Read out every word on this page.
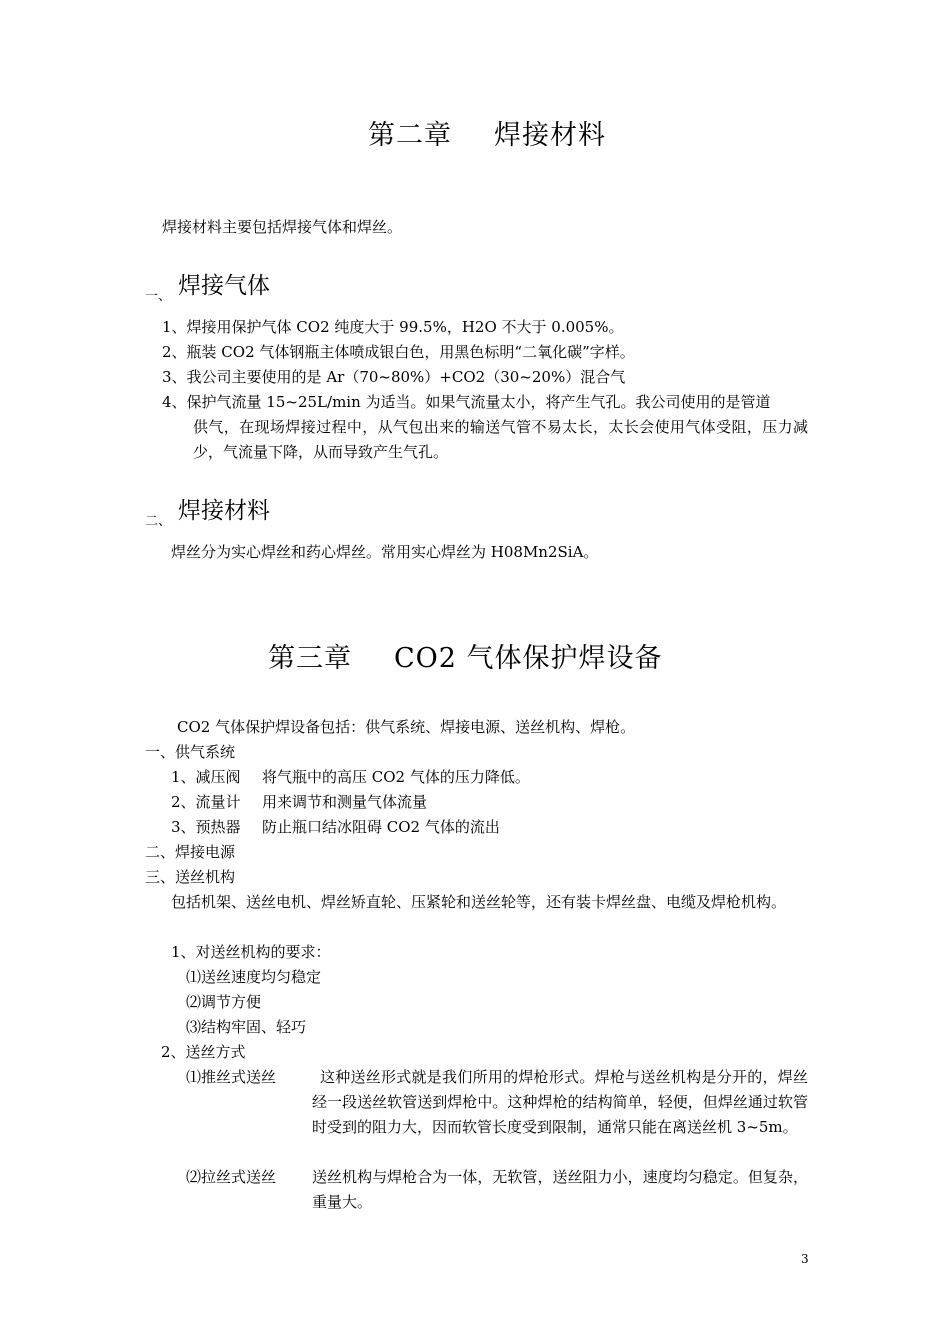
第二章 焊接材料
焊接材料主要包括焊接气体和焊丝。
一、 焊接气体
1、焊接用保护气体 CO2 纯度大于 99.5%，H2O 不大于 0.005%。
2、瓶装 CO2 气体钢瓶主体喷成银白色，用黑色标明“二氧化碳”字样。
3、我公司主要使用的是 Ar（70~80%）+CO2（30~20%）混合气
4、保护气流量 15~25L/min 为适当。如果气流量太小，将产生气孔。我公司使用的是管道
供气，在现场焊接过程中，从气包出来的输送气管不易太长，太长会使用气体受阻，压力减少，气流量下降，从而导致产生气孔。
二、 焊接材料
焊丝分为实心焊丝和药心焊丝。常用实心焊丝为 H08Mn2SiA。
第三章 CO2 气体保护焊设备
CO2 气体保护焊设备包括：供气系统、焊接电源、送丝机构、焊枪。
一、供气系统
1、减压阀 将气瓶中的高压 CO2 气体的压力降低。
2、流量计 用来调节和测量气体流量
3、预热器 防止瓶口结冰阻碍 CO2 气体的流出
二、焊接电源
三、送丝机构
包括机架、送丝电机、焊丝矫直轮、压紧轮和送丝轮等，还有装卡焊丝盘、电缆及焊枪机构。
1、对送丝机构的要求：
⑴送丝速度均匀稳定
⑵调节方便
⑶结构牢固、轻巧
2、送丝方式
⑴推丝式送丝	这种送丝形式就是我们所用的焊枪形式。焊枪与送丝机构是分开的，焊丝经一段送丝软管送到焊枪中。这种焊枪的结构简单，轻便，但焊丝通过软管时受到的阻力大，因而软管长度受到限制，通常只能在离送丝机 3~5m。
⑵拉丝式送丝 送丝机构与焊枪合为一体，无软管，送丝阻力小，速度均匀稳定。但复杂，重量大。
3
